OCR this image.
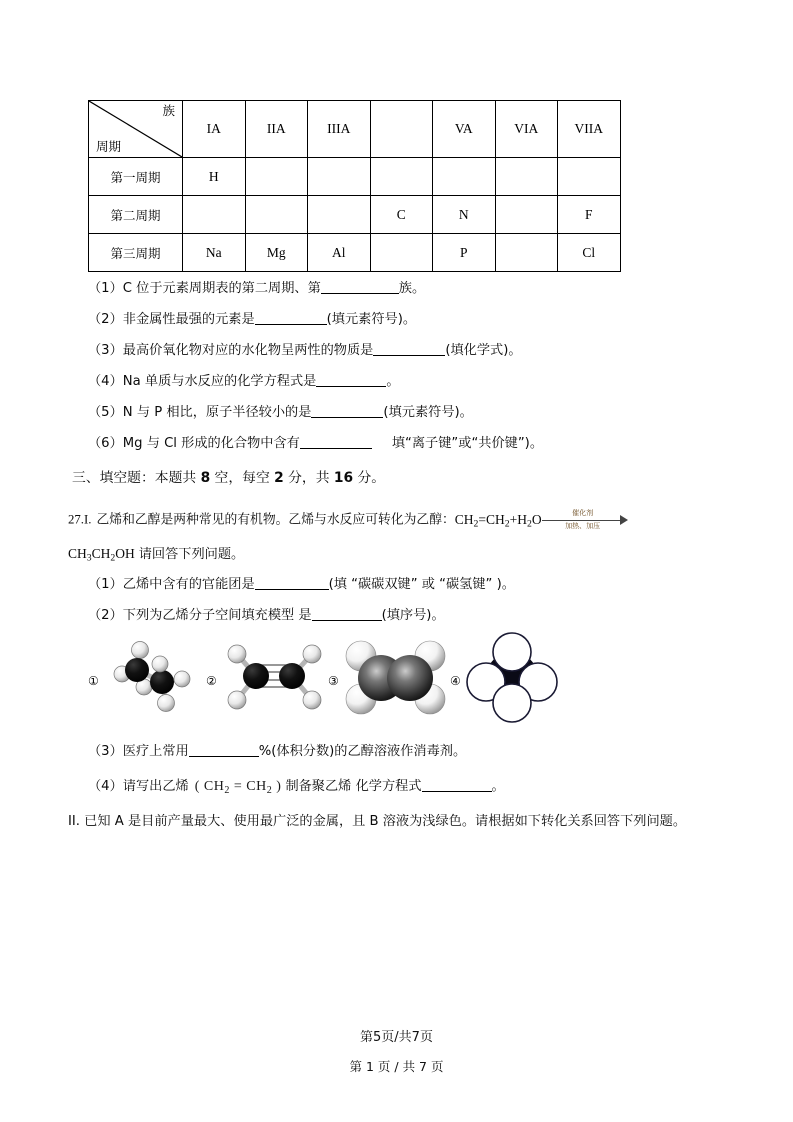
族
周期	IA	IIA	IIIA		VA	VIA	VIIA
第一周期	H						
第二周期				C	N		F
第三周期	Na	Mg	Al		P		Cl
（1）C 位于元素周期表的第二周期、第	族。
（2）非金属性最强的元素是	(填元素符号)。
（3）最高价氧化物对应的水化物呈两性的物质是	(填化学式)。
（4）Na 单质与水反应的化学方程式是	。
（5）N 与 P 相比，原子半径较小的是	(填元素符号)。
（6）Mg 与 Cl 形成的化合物中含有	填“离子键”或“共价键”)。
三、填空题：本题共 8 空，每空 2 分，共 16 分。
27.I. 乙烯和乙醇是两种常见的有机物。乙烯与水反应可转化为乙醇：$CH_2=CH_2+H_2O$	催化剂
加热、加压
$CH_3CH_2OH$ 请回答下列问题。
（1）乙烯中含有的官能团是	(填 “碳碳双键” 或 “碳氢键” )。
（2）下列为乙烯分子空间填充模型 是	(填序号)。
①	②	③	④
（3）医疗上常用	%(体积分数)的乙醇溶液作消毒剂。
（4）请写出乙烯 ( $CH_2 = CH_2$ ) 制备聚乙烯 化学方程式	。
II. 已知 A 是目前产量最大、使用最广泛的金属，且 B 溶液为浅绿色。请根据如下转化关系回答下列问题。
第5页/共7页
第 1 页 / 共 7 页
